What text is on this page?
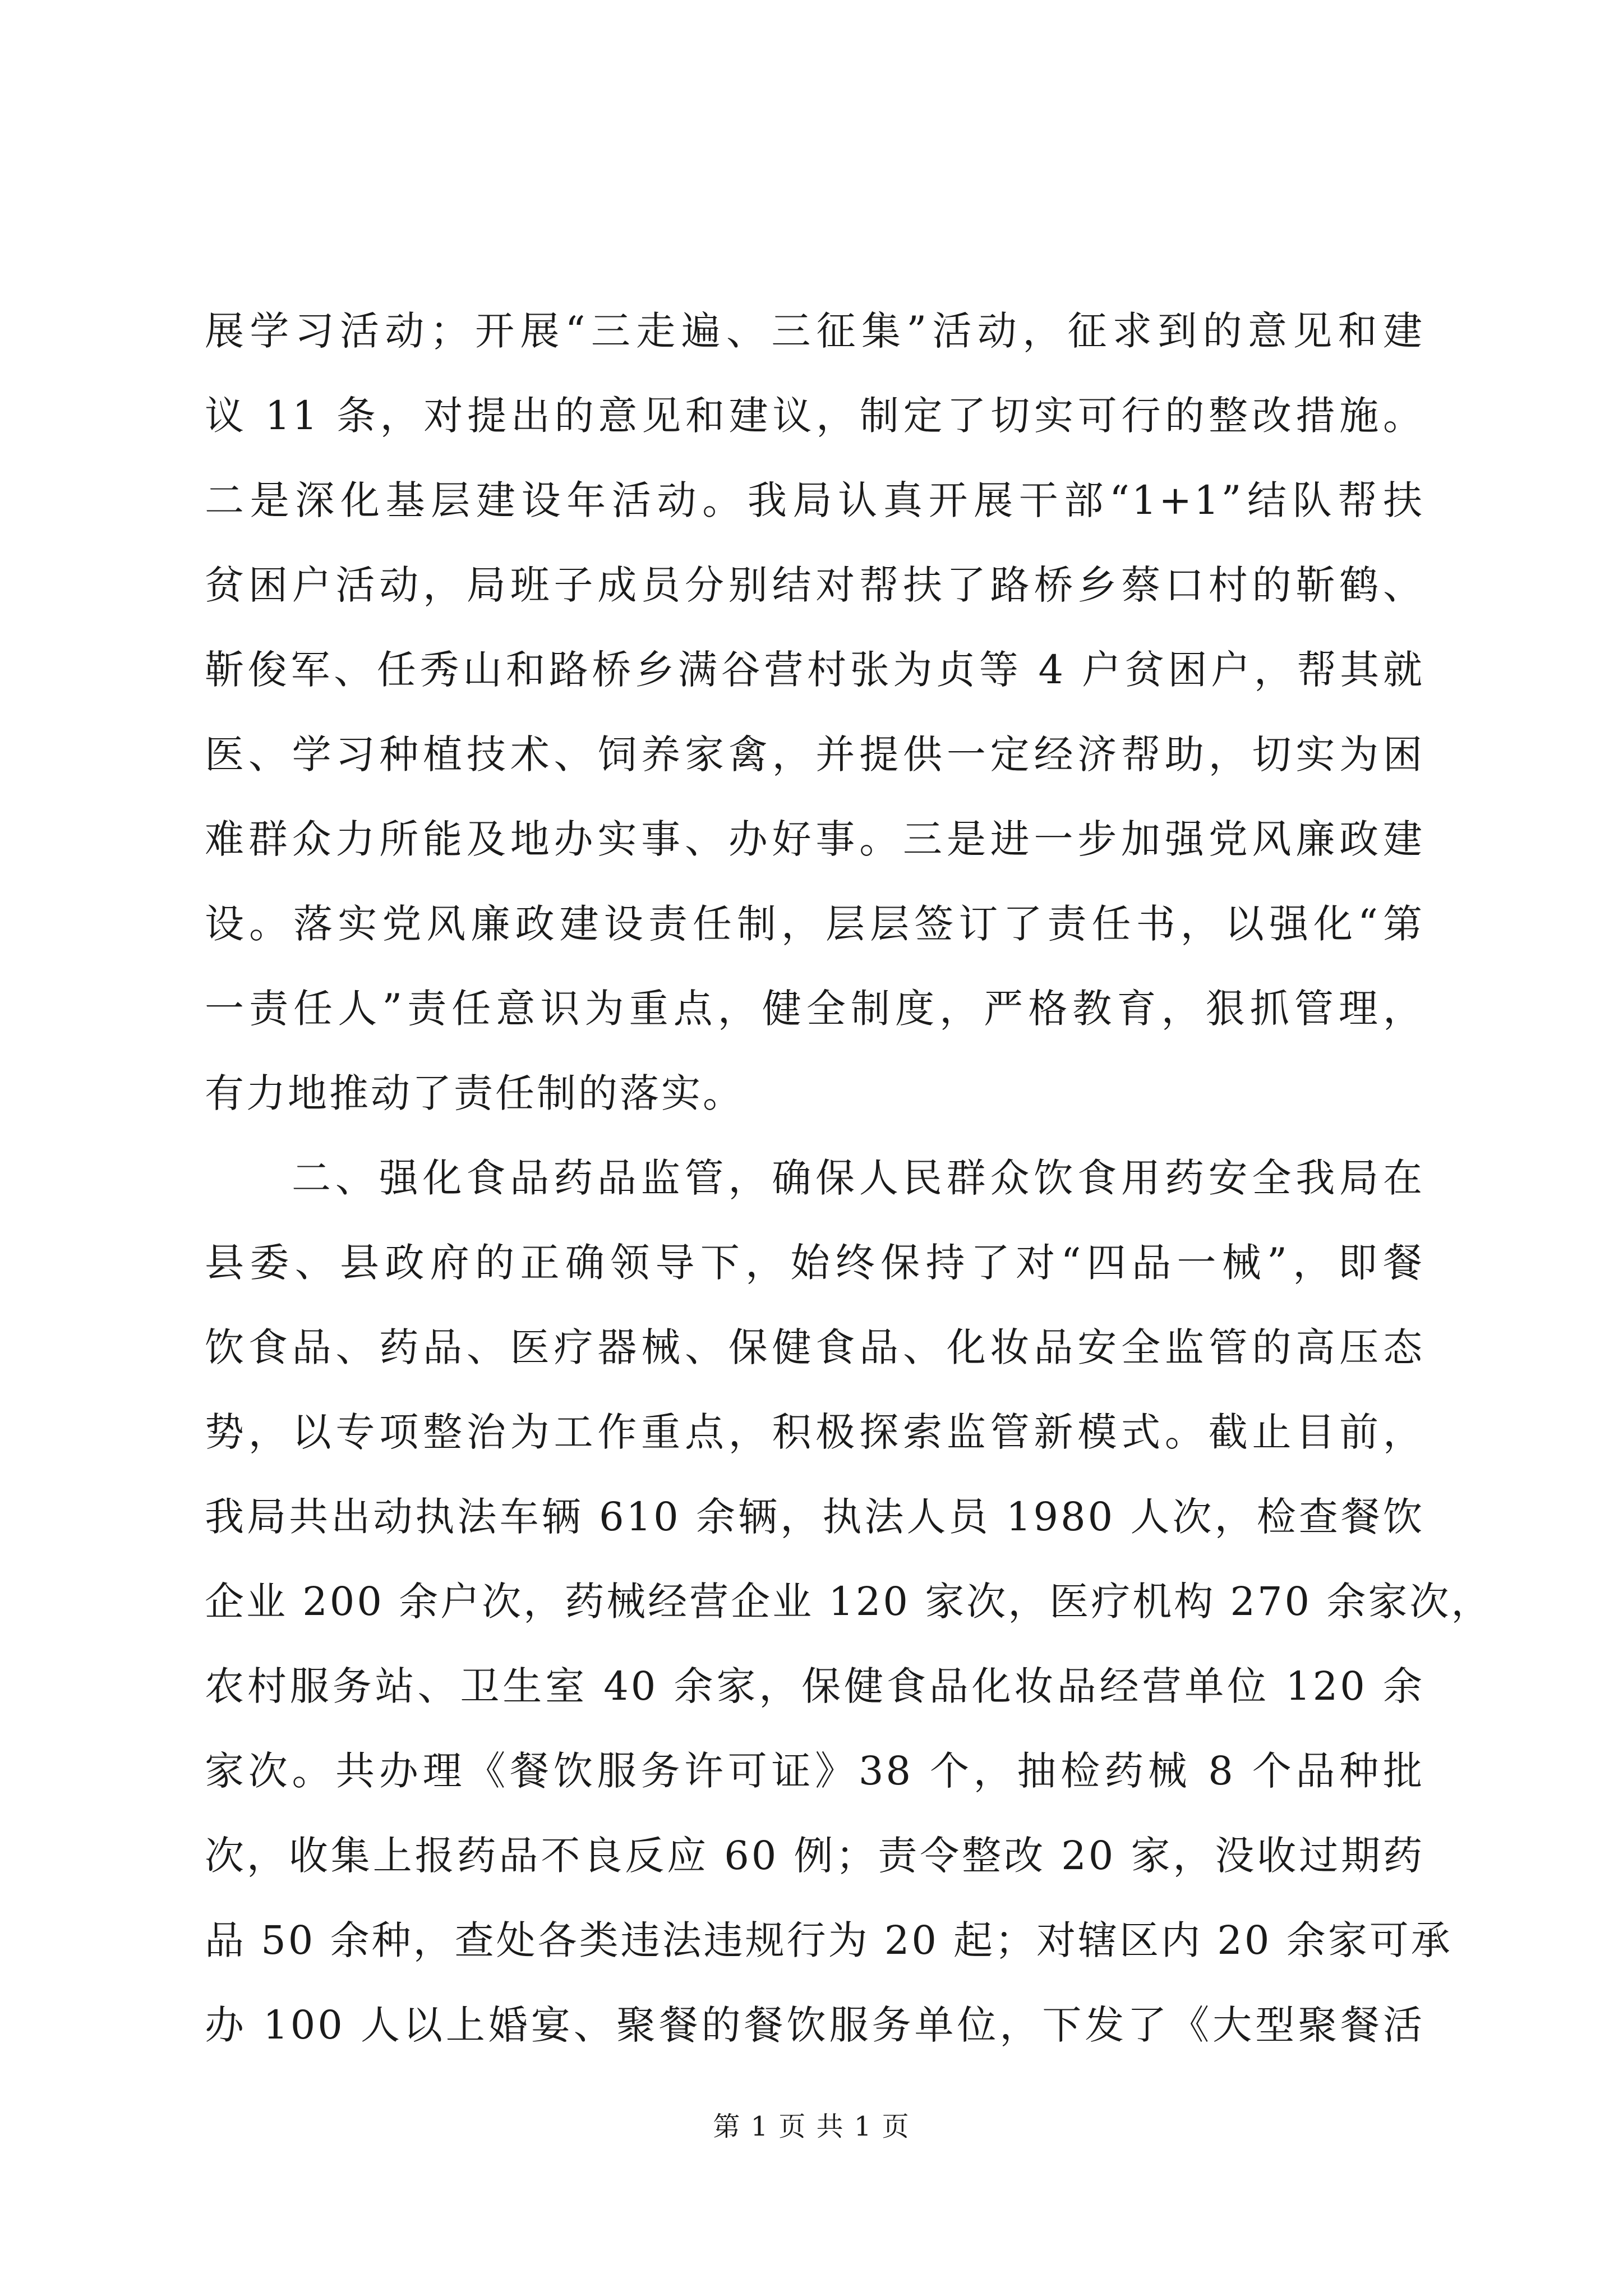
展学习活动；开展“三走遍、三征集”活动，征求到的意见和建
议 11 条，对提出的意见和建议，制定了切实可行的整改措施。
二是深化基层建设年活动。我局认真开展干部“1+1”结队帮扶
贫困户活动，局班子成员分别结对帮扶了路桥乡蔡口村的靳鹤、
靳俊军、任秀山和路桥乡满谷营村张为贞等 4 户贫困户，帮其就
医、学习种植技术、饲养家禽，并提供一定经济帮助，切实为困
难群众力所能及地办实事、办好事。三是进一步加强党风廉政建
设。落实党风廉政建设责任制，层层签订了责任书，以强化“第
一责任人”责任意识为重点，健全制度，严格教育，狠抓管理，
有力地推动了责任制的落实。
二、强化食品药品监管，确保人民群众饮食用药安全我局在
县委、县政府的正确领导下，始终保持了对“四品一械”，即餐
饮食品、药品、医疗器械、保健食品、化妆品安全监管的高压态
势，以专项整治为工作重点，积极探索监管新模式。截止目前，
我局共出动执法车辆 610 余辆，执法人员 1980 人次，检查餐饮
企业 200 余户次，药械经营企业 120 家次，医疗机构 270 余家次，
农村服务站、卫生室 40 余家，保健食品化妆品经营单位 120 余
家次。共办理《餐饮服务许可证》38 个，抽检药械 8 个品种批
次，收集上报药品不良反应 60 例；责令整改 20 家，没收过期药
品 50 余种，查处各类违法违规行为 20 起；对辖区内 20 余家可承
办 100 人以上婚宴、聚餐的餐饮服务单位，下发了《大型聚餐活
第 1 页 共 1 页
